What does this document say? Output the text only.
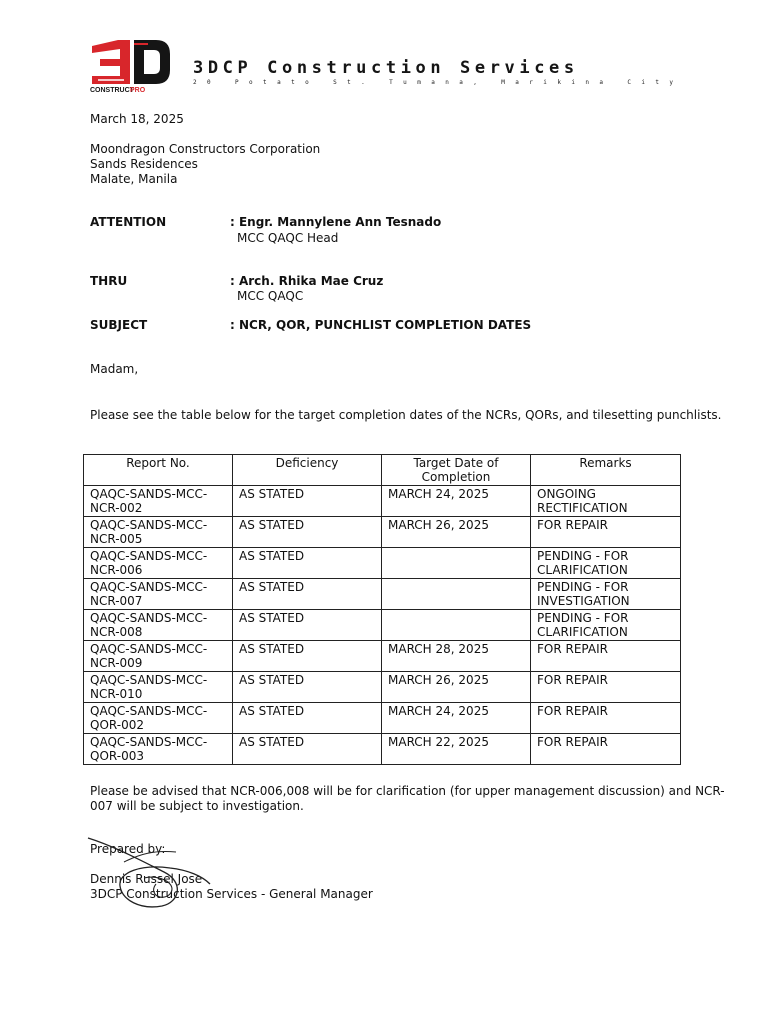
CONSTRUCT
PRO
3DCP Construction Services
20 Potato St. Tumana, Marikina City
March 18, 2025
Moondragon Constructors Corporation
Sands Residences
Malate, Manila
ATTENTION	: Engr. Mannylene Ann Tesnado
MCC QAQC Head
THRU	: Arch. Rhika Mae Cruz
MCC QAQC
SUBJECT	: NCR, QOR, PUNCHLIST COMPLETION DATES
Madam,
Please see the table below for the target completion dates of the NCRs, QORs, and tilesetting punchlists.
Report No.	Deficiency	Target Date of Completion	Remarks
QAQC-SANDS-MCC-NCR-002	AS STATED	MARCH 24, 2025	ONGOING RECTIFICATION
QAQC-SANDS-MCC-NCR-005	AS STATED	MARCH 26, 2025	FOR REPAIR
QAQC-SANDS-MCC-NCR-006	AS STATED		PENDING - FOR CLARIFICATION
QAQC-SANDS-MCC-NCR-007	AS STATED		PENDING - FOR INVESTIGATION
QAQC-SANDS-MCC-NCR-008	AS STATED		PENDING - FOR CLARIFICATION
QAQC-SANDS-MCC-NCR-009	AS STATED	MARCH 28, 2025	FOR REPAIR
QAQC-SANDS-MCC-NCR-010	AS STATED	MARCH 26, 2025	FOR REPAIR
QAQC-SANDS-MCC-QOR-002	AS STATED	MARCH 24, 2025	FOR REPAIR
QAQC-SANDS-MCC-QOR-003	AS STATED	MARCH 22, 2025	FOR REPAIR
Please be advised that NCR-006,008 will be for clarification (for upper management discussion) and NCR-
007 will be subject to investigation.
Prepared by:
Dennis Russel Jose
3DCP Construction Services - General Manager
